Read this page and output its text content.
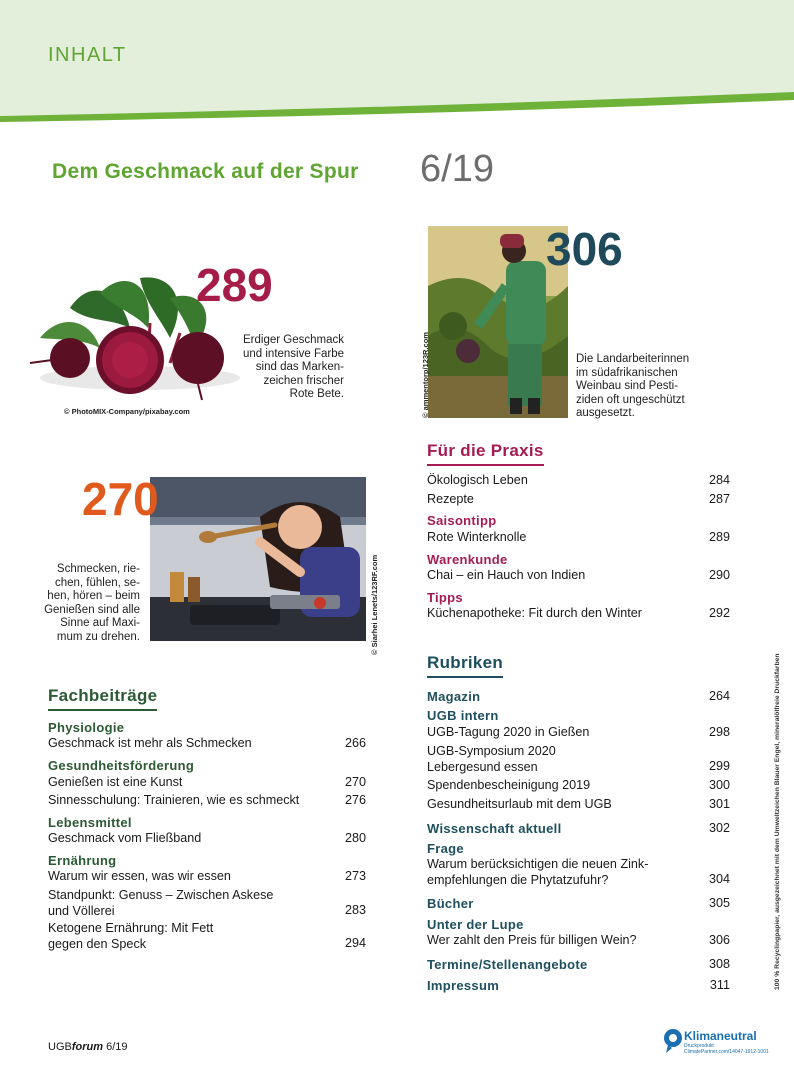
INHALT
Dem Geschmack auf der Spur 6/19
© PhotoMIX-Company/pixabay.com
289
Erdiger Geschmack
und intensive Farbe
sind das Marken-
zeichen frischer
Rote Bete.	© ammentorp/123R.com
306
Die Landarbeiterinnen
im südafrikanischen
Weinbau sind Pesti-
ziden oft ungeschützt
ausgesetzt.
© Siarhei Lenets/123RF.com
270
Schmecken, rie-
chen, fühlen, se-
hen, hören – beim
Genießen sind alle
Sinne auf Maxi-
mum zu drehen.
Für die Praxis
Ökologisch Leben	284
Rezepte	287
Saisontipp
Rote Winterknolle	289
Warenkunde
Chai – ein Hauch von Indien	290
Tipps
Küchenapotheke: Fit durch den Winter	292
Rubriken
Magazin	264
UGB intern
UGB-Tagung 2020 in Gießen	298
UGB-Symposium 2020
Lebergesund essen	299
Spendenbescheinigung 2019	300
Gesundheitsurlaub mit dem UGB	301
Wissenschaft aktuell	302
Frage
Warum berücksichtigen die neuen Zink-
empfehlungen die Phytatzufuhr?	304
Bücher	305
Unter der Lupe
Wer zahlt den Preis für billigen Wein?	306
Termine/Stellenangebote	308
Impressum	311
Fachbeiträge
Physiologie
Geschmack ist mehr als Schmecken	266
Gesundheitsförderung
Genießen ist eine Kunst	270
Sinnesschulung: Trainieren, wie es schmeckt	276
Lebensmittel
Geschmack vom Fließband	280
Ernährung
Warum wir essen, was wir essen	273
Standpunkt: Genuss – Zwischen Askese
und Völlerei	283
Ketogene Ernährung: Mit Fett
gegen den Speck	294
UGBforum 6/19
100 % Recyclingpapier, ausgezeichnet mit dem Umweltzeichen Blauer Engel, mineralölfreie Druckfarben
Klimaneutral
Druckprodukt
ClimatePartner.com/14047-1912-1001
